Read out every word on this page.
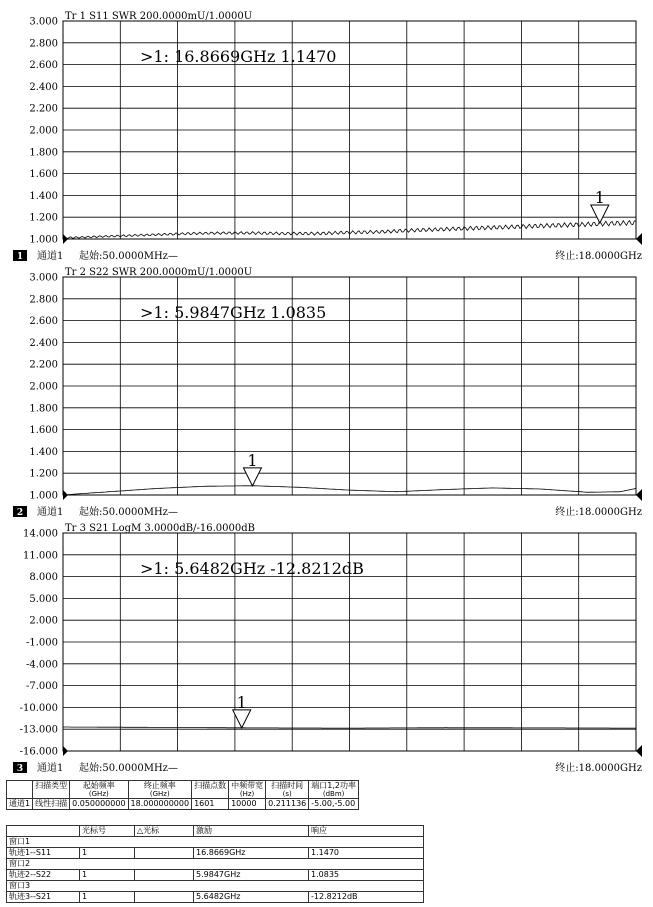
3.000
2.800
2.600
2.400
2.200
2.000
1.800
1.600
1.400
1.200
1.000
Tr 1 S11 SWR 200.0000mU/1.0000U
>1: 16.8669GHz 1.1470
1
1 通道1 起始:50.0000MHz —	终止:18.0000GHz
3.000
2.800
2.600
2.400
2.200
2.000
1.800
1.600
1.400
1.200
1.000
Tr 2 S22 SWR 200.0000mU/1.0000U
>1: 5.9847GHz 1.0835
1
2 通道1 起始:50.0000MHz —	终止:18.0000GHz
14.000
11.000
8.000
5.000
2.000
-1.000
-4.000
-7.000
-10.000
-13.000
-16.000
Tr 3 S21 LogM 3.0000dB/-16.0000dB
>1: 5.6482GHz -12.8212dB
1
3 通道1 起始:50.0000MHz —	终止:18.0000GHz
	扫描类型	起始频率
(GHz)	终止频率
(GHz)	扫描点数	中频带宽
(Hz)	扫描时间
(s)	端口1,2功率
(dBm)

通道1	线性扫描	0.050000000	18.000000000	1601	10000	0.211136	-5.00,-5.00
	光标号	△光标	激励	响应
窗口1				
轨迹1--S11	1		16.8669GHz	1.1470
窗口2				
轨迹2--S22	1		5.9847GHz	1.0835
窗口3				
轨迹3--S21	1		5.6482GHz	-12.8212dB
